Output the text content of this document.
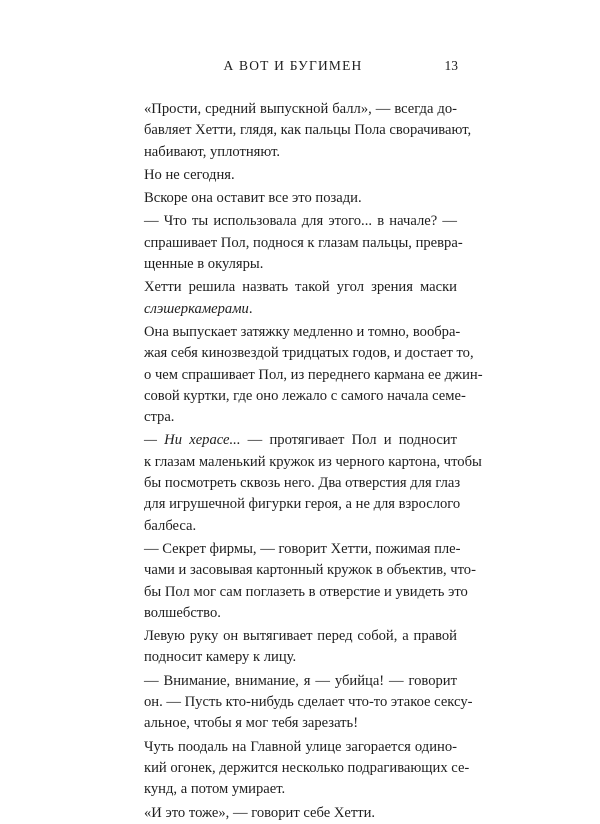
А ВОТ И БУГИМЕН	13
«Прости, средний выпускной балл», — всегда до-
бавляет Хетти, глядя, как пальцы Пола сворачивают,
набивают, уплотняют.
Но не сегодня.
Вскоре она оставит все это позади.
— Что ты использовала для этого... в начале? —
спрашивает Пол, поднося к глазам пальцы, превра-
щенные в окуляры.
Хетти решила назвать такой угол зрения маски
слэшеркамерами.
Она выпускает затяжку медленно и томно, вообра-
жая себя кинозвездой тридцатых годов, и достает то,
о чем спрашивает Пол, из переднего кармана ее джин-
совой куртки, где оно лежало с самого начала семе-
стра.
— Ни херасе... — протягивает Пол и подносит
к глазам маленький кружок из черного картона, чтобы
бы посмотреть сквозь него. Два отверстия для глаз
для игрушечной фигурки героя, а не для взрослого
балбеса.
— Секрет фирмы, — говорит Хетти, пожимая пле-
чами и засовывая картонный кружок в объектив, что-
бы Пол мог сам поглазеть в отверстие и увидеть это
волшебство.
Левую руку он вытягивает перед собой, а правой
подносит камеру к лицу.
— Внимание, внимание, я — убийца! — говорит
он. — Пусть кто-нибудь сделает что-то этакое сексу-
альное, чтобы я мог тебя зарезать!
Чуть поодаль на Главной улице загорается одино-
кий огонек, держится несколько подрагивающих се-
кунд, а потом умирает.
«И это тоже», — говорит себе Хетти.
